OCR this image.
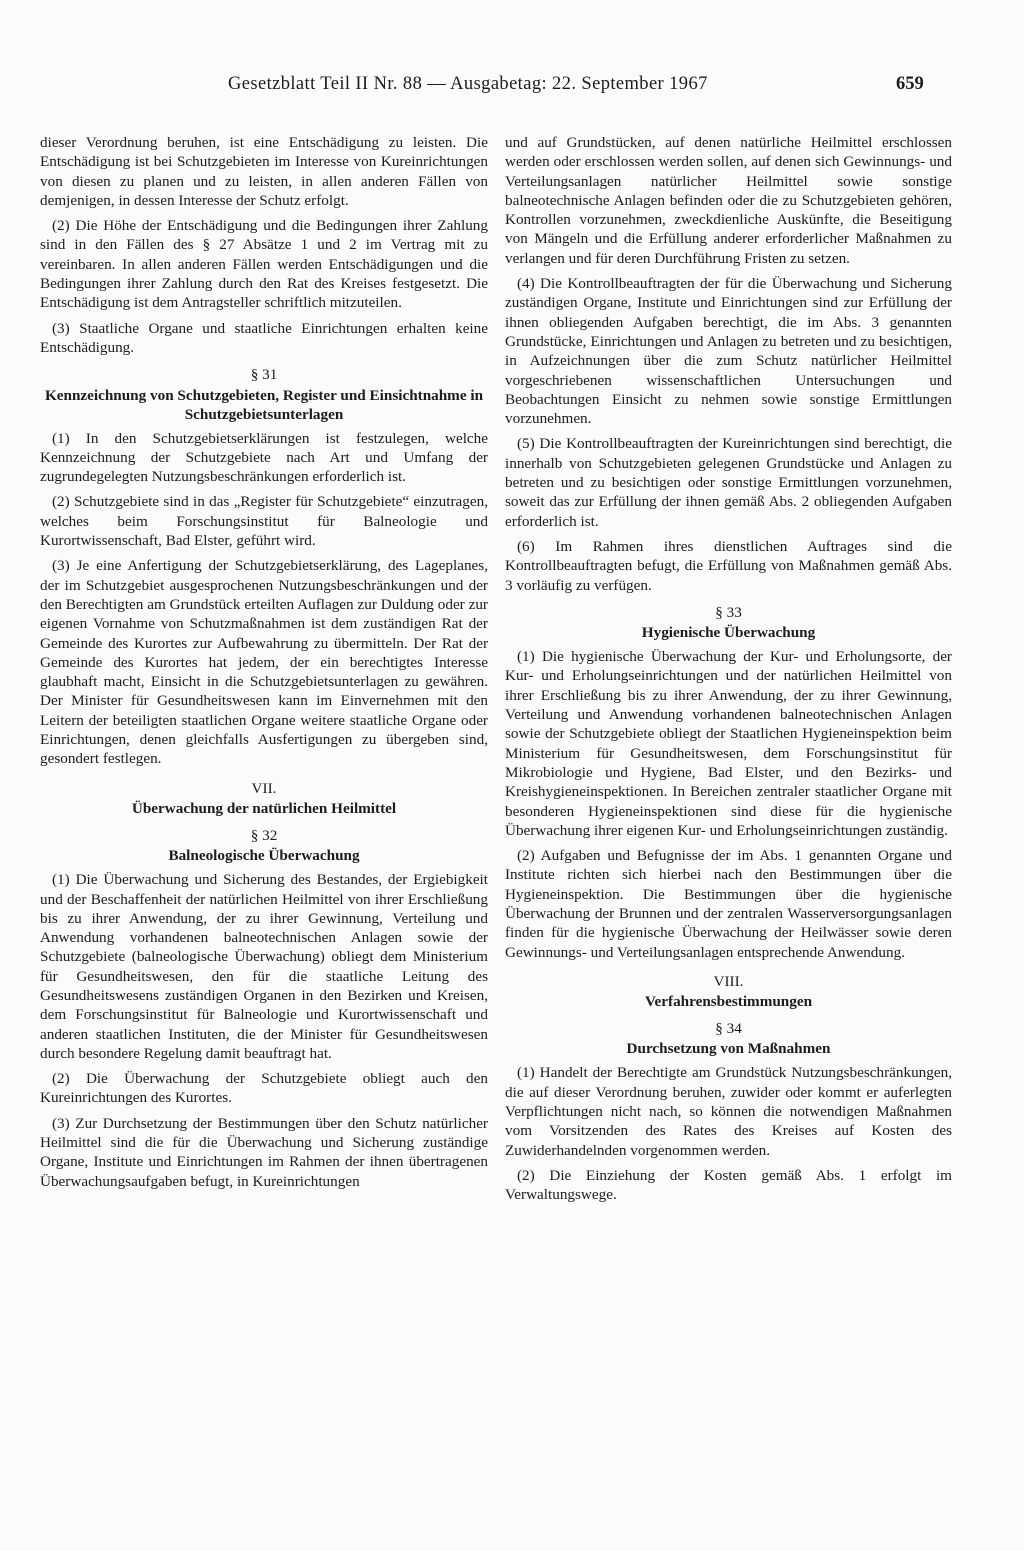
Gesetzblatt Teil II Nr. 88 — Ausgabetag: 22. September 1967	659

dieser Verordnung beruhen, ist eine Entschädigung zu leisten. Die Entschädigung ist bei Schutzgebieten im Interesse von Kureinrichtungen von diesen zu planen und zu leisten, in allen anderen Fällen von demjenigen, in dessen Interesse der Schutz erfolgt.

(2) Die Höhe der Entschädigung und die Bedingungen ihrer Zahlung sind in den Fällen des § 27 Absätze 1 und 2 im Vertrag mit zu vereinbaren. In allen anderen Fällen werden Entschädigungen und die Bedingungen ihrer Zahlung durch den Rat des Kreises festgesetzt. Die Entschädigung ist dem Antragsteller schriftlich mitzuteilen.

(3) Staatliche Organe und staatliche Einrichtungen erhalten keine Entschädigung.

§ 31
Kennzeichnung von Schutzgebieten, Register und Einsichtnahme in Schutzgebietsunterlagen

(1) In den Schutzgebietserklärungen ist festzulegen, welche Kennzeichnung der Schutzgebiete nach Art und Umfang der zugrundegelegten Nutzungsbeschränkungen erforderlich ist.

(2) Schutzgebiete sind in das „Register für Schutzgebiete“ einzutragen, welches beim Forschungsinstitut für Balneologie und Kurortwissenschaft, Bad Elster, geführt wird.

(3) Je eine Anfertigung der Schutzgebietserklärung, des Lageplanes, der im Schutzgebiet ausgesprochenen Nutzungsbeschränkungen und der den Berechtigten am Grundstück erteilten Auflagen zur Duldung oder zur eigenen Vornahme von Schutzmaßnahmen ist dem zuständigen Rat der Gemeinde des Kurortes zur Aufbewahrung zu übermitteln. Der Rat der Gemeinde des Kurortes hat jedem, der ein berechtigtes Interesse glaubhaft macht, Einsicht in die Schutzgebietsunterlagen zu gewähren. Der Minister für Gesundheitswesen kann im Einvernehmen mit den Leitern der beteiligten staatlichen Organe weitere staatliche Organe oder Einrichtungen, denen gleichfalls Ausfertigungen zu übergeben sind, gesondert festlegen.

VII.
Überwachung der natürlichen Heilmittel
§ 32
Balneologische Überwachung

(1) Die Überwachung und Sicherung des Bestandes, der Ergiebigkeit und der Beschaffenheit der natürlichen Heilmittel von ihrer Erschließung bis zu ihrer Anwendung, der zu ihrer Gewinnung, Verteilung und Anwendung vorhandenen balneotechnischen Anlagen sowie der Schutzgebiete (balneologische Überwachung) obliegt dem Ministerium für Gesundheitswesen, den für die staatliche Leitung des Gesundheitswesens zuständigen Organen in den Bezirken und Kreisen, dem Forschungsinstitut für Balneologie und Kurortwissenschaft und anderen staatlichen Instituten, die der Minister für Gesundheitswesen durch besondere Regelung damit beauftragt hat.

(2) Die Überwachung der Schutzgebiete obliegt auch den Kureinrichtungen des Kurortes.

(3) Zur Durchsetzung der Bestimmungen über den Schutz natürlicher Heilmittel sind die für die Überwachung und Sicherung zuständige Organe, Institute und Einrichtungen im Rahmen der ihnen übertragenen Überwachungsaufgaben befugt, in Kureinrichtungen

und auf Grundstücken, auf denen natürliche Heilmittel erschlossen werden oder erschlossen werden sollen, auf denen sich Gewinnungs- und Verteilungsanlagen natürlicher Heilmittel sowie sonstige balneotechnische Anlagen befinden oder die zu Schutzgebieten gehören, Kontrollen vorzunehmen, zweckdienliche Auskünfte, die Beseitigung von Mängeln und die Erfüllung anderer erforderlicher Maßnahmen zu verlangen und für deren Durchführung Fristen zu setzen.

(4) Die Kontrollbeauftragten der für die Überwachung und Sicherung zuständigen Organe, Institute und Einrichtungen sind zur Erfüllung der ihnen obliegenden Aufgaben berechtigt, die im Abs. 3 genannten Grundstücke, Einrichtungen und Anlagen zu betreten und zu besichtigen, in Aufzeichnungen über die zum Schutz natürlicher Heilmittel vorgeschriebenen wissenschaftlichen Untersuchungen und Beobachtungen Einsicht zu nehmen sowie sonstige Ermittlungen vorzunehmen.

(5) Die Kontrollbeauftragten der Kureinrichtungen sind berechtigt, die innerhalb von Schutzgebieten gelegenen Grundstücke und Anlagen zu betreten und zu besichtigen oder sonstige Ermittlungen vorzunehmen, soweit das zur Erfüllung der ihnen gemäß Abs. 2 obliegenden Aufgaben erforderlich ist.

(6) Im Rahmen ihres dienstlichen Auftrages sind die Kontrollbeauftragten befugt, die Erfüllung von Maßnahmen gemäß Abs. 3 vorläufig zu verfügen.

§ 33
Hygienische Überwachung

(1) Die hygienische Überwachung der Kur- und Erholungsorte, der Kur- und Erholungseinrichtungen und der natürlichen Heilmittel von ihrer Erschließung bis zu ihrer Anwendung, der zu ihrer Gewinnung, Verteilung und Anwendung vorhandenen balneotechnischen Anlagen sowie der Schutzgebiete obliegt der Staatlichen Hygieneinspektion beim Ministerium für Gesundheitswesen, dem Forschungsinstitut für Mikrobiologie und Hygiene, Bad Elster, und den Bezirks- und Kreishygieneinspektionen. In Bereichen zentraler staatlicher Organe mit besonderen Hygieneinspektionen sind diese für die hygienische Überwachung ihrer eigenen Kur- und Erholungseinrichtungen zuständig.

(2) Aufgaben und Befugnisse der im Abs. 1 genannten Organe und Institute richten sich hierbei nach den Bestimmungen über die Hygieneinspektion. Die Bestimmungen über die hygienische Überwachung der Brunnen und der zentralen Wasserversorgungsanlagen finden für die hygienische Überwachung der Heilwässer sowie deren Gewinnungs- und Verteilungsanlagen entsprechende Anwendung.

VIII.
Verfahrensbestimmungen
§ 34
Durchsetzung von Maßnahmen

(1) Handelt der Berechtigte am Grundstück Nutzungsbeschränkungen, die auf dieser Verordnung beruhen, zuwider oder kommt er auferlegten Verpflichtungen nicht nach, so können die notwendigen Maßnahmen vom Vorsitzenden des Rates des Kreises auf Kosten des Zuwiderhandelnden vorgenommen werden.

(2) Die Einziehung der Kosten gemäß Abs. 1 erfolgt im Verwaltungswege.
